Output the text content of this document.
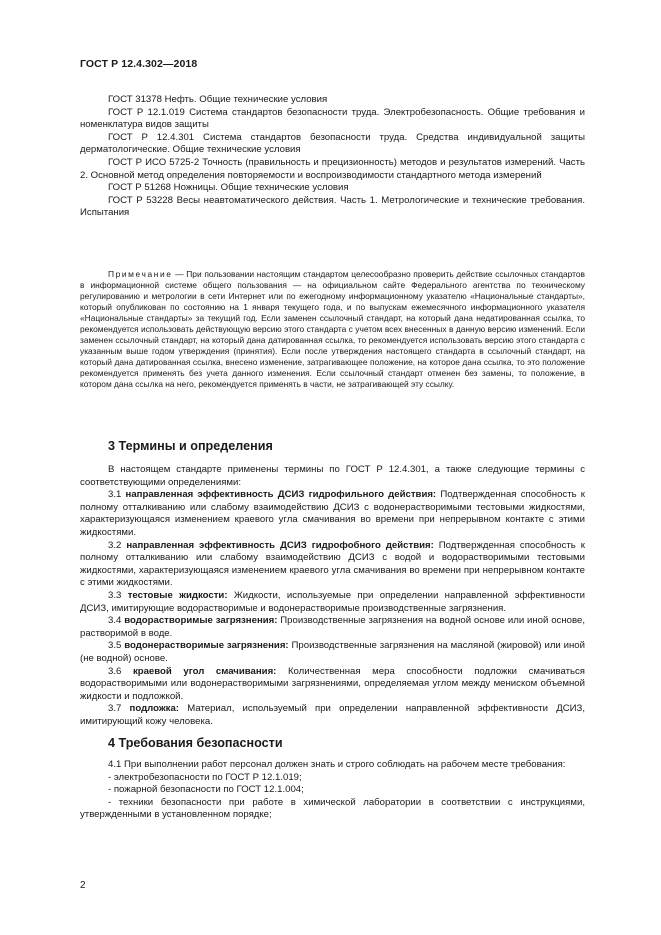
ГОСТ Р 12.4.302—2018

ГОСТ 31378 Нефть. Общие технические условия

ГОСТ Р 12.1.019 Система стандартов безопасности труда. Электробезопасность. Общие требования и номенклатура видов защиты

ГОСТ Р 12.4.301 Система стандартов безопасности труда. Средства индивидуальной защиты дерматологические. Общие технические условия

ГОСТ Р ИСО 5725-2 Точность (правильность и прецизионность) методов и результатов измерений. Часть 2. Основной метод определения повторяемости и воспроизводимости стандартного метода измерений

ГОСТ Р 51268 Ножницы. Общие технические условия

ГОСТ Р 53228 Весы неавтоматического действия. Часть 1. Метрологические и технические требования. Испытания

Примечание — При пользовании настоящим стандартом целесообразно проверить действие ссылочных стандартов в информационной системе общего пользования — на официальном сайте Федерального агентства по техническому регулированию и метрологии в сети Интернет или по ежегодному информационному указателю «Национальные стандарты», который опубликован по состоянию на 1 января текущего года, и по выпускам ежемесячного информационного указателя «Национальные стандарты» за текущий год. Если заменен ссылочный стандарт, на который дана недатированная ссылка, то рекомендуется использовать действующую версию этого стандарта с учетом всех внесенных в данную версию изменений. Если заменен ссылочный стандарт, на который дана датированная ссылка, то рекомендуется использовать версию этого стандарта с указанным выше годом утверждения (принятия). Если после утверждения настоящего стандарта в ссылочный стандарт, на который дана датированная ссылка, внесено изменение, затрагивающее положение, на которое дана ссылка, то это положение рекомендуется применять без учета данного изменения. Если ссылочный стандарт отменен без замены, то положение, в котором дана ссылка на него, рекомендуется применять в части, не затрагивающей эту ссылку.

3 Термины и определения

В настоящем стандарте применены термины по ГОСТ Р 12.4.301, а также следующие термины с соответствующими определениями:

3.1 направленная эффективность ДСИЗ гидрофильного действия: Подтвержденная способность к полному отталкиванию или слабому взаимодействию ДСИЗ с водонерастворимыми тестовыми жидкостями, характеризующаяся изменением краевого угла смачивания во времени при непрерывном контакте с этими жидкостями.

3.2 направленная эффективность ДСИЗ гидрофобного действия: Подтвержденная способность к полному отталкиванию или слабому взаимодействию ДСИЗ с водой и водорастворимыми тестовыми жидкостями, характеризующаяся изменением краевого угла смачивания во времени при непрерывном контакте с этими жидкостями.

3.3 тестовые жидкости: Жидкости, используемые при определении направленной эффективности ДСИЗ, имитирующие водорастворимые и водонерастворимые производственные загрязнения.

3.4 водорастворимые загрязнения: Производственные загрязнения на водной основе или иной основе, растворимой в воде.

3.5 водонерастворимые загрязнения: Производственные загрязнения на масляной (жировой) или иной (не водной) основе.

3.6 краевой угол смачивания: Количественная мера способности подложки смачиваться водорастворимыми или водонерастворимыми загрязнениями, определяемая углом между мениском объемной жидкости и подложкой.

3.7 подложка: Материал, используемый при определении направленной эффективности ДСИЗ, имитирующий кожу человека.

4 Требования безопасности

4.1 При выполнении работ персонал должен знать и строго соблюдать на рабочем месте требования:

- электробезопасности по ГОСТ Р 12.1.019;

- пожарной безопасности по ГОСТ 12.1.004;

- техники безопасности при работе в химической лаборатории в соответствии с инструкциями, утвержденными в установленном порядке;

2
